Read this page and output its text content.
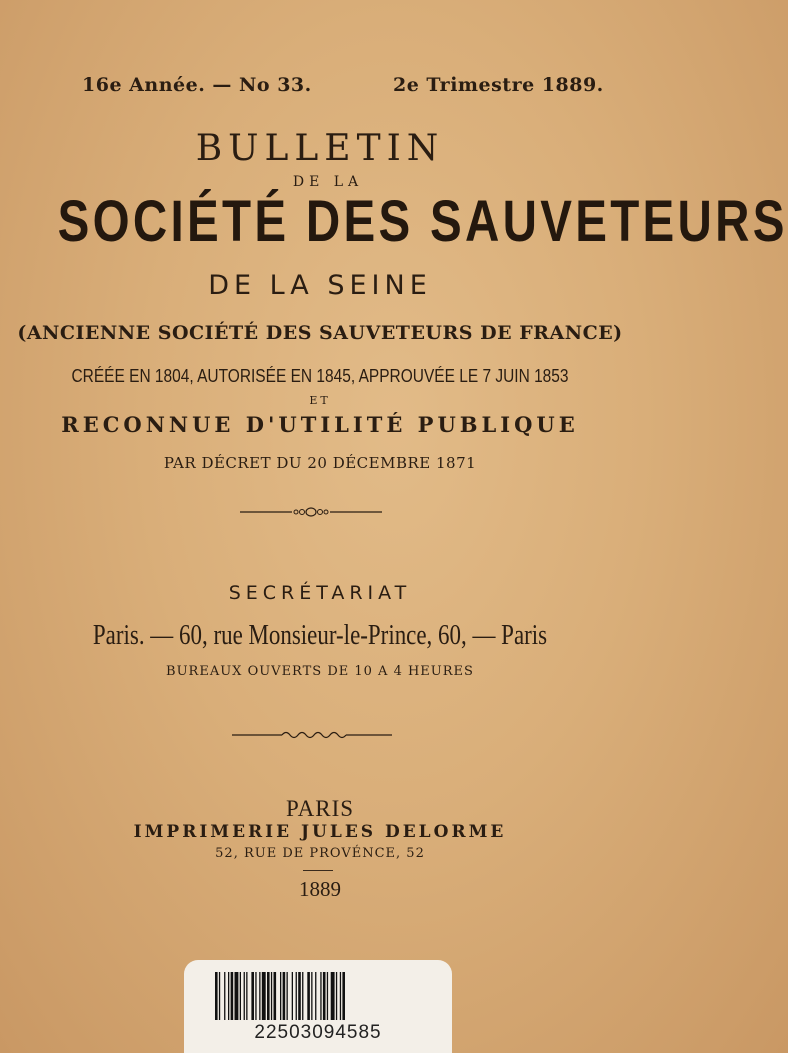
16e Année. — No 33.	2e Trimestre 1889.
BULLETIN
DE LA
SOCIÉTÉ DES SAUVETEURS
DE LA SEINE
(ANCIENNE SOCIÉTÉ DES SAUVETEURS DE FRANCE)
CRÉÉE EN 1804, AUTORISÉE EN 1845, APPROUVÉE LE 7 JUIN 1853
ET
RECONNUE D'UTILITÉ PUBLIQUE
PAR DÉCRET DU 20 DÉCEMBRE 1871
SECRÉTARIAT
Paris. — 60, rue Monsieur-le-Prince, 60, — Paris
BUREAUX OUVERTS DE 10 A 4 HEURES
PARIS
IMPRIMERIE JULES DELORME
52, RUE DE PROVÉNCE, 52
1889
22503094585
